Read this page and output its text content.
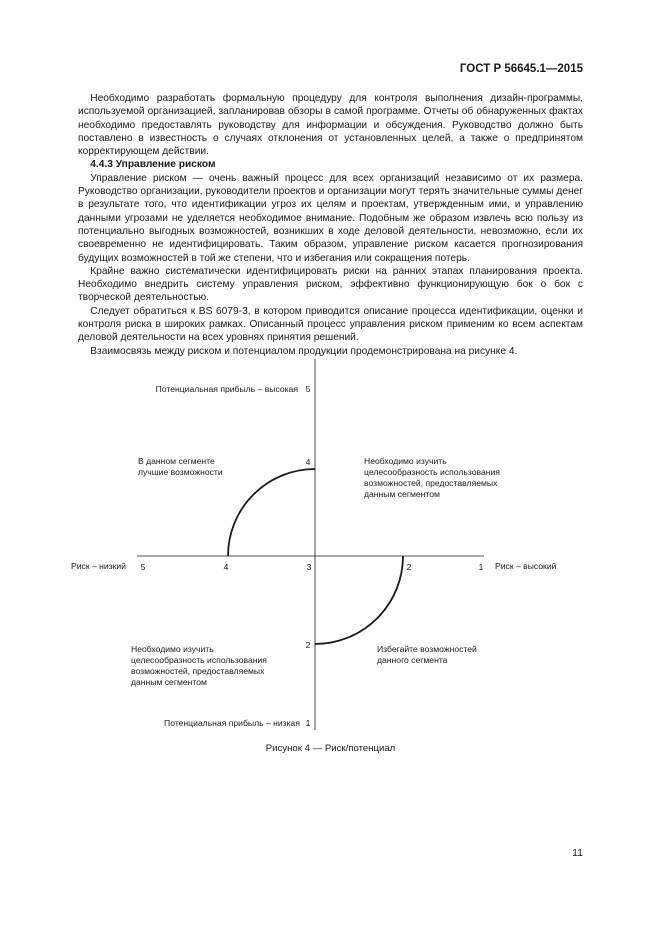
ГОСТ Р 56645.1—2015

Необходимо разработать формальную процедуру для контроля выполнения дизайн-программы, используемой организацией, запланировав обзоры в самой программе. Отчеты об обнаруженных фактах необходимо предоставлять руководству для информации и обсуждения. Руководство должно быть поставлено в известность о случаях отклонения от установленных целей, а также о предпринятом корректирующем действии.

4.4.3 Управление риском

Управление риском — очень важный процесс для всех организаций независимо от их размера. Руководство организации, руководители проектов и организации могут терять значительные суммы денег в результате того, что идентификации угроз их целям и проектам, утвержденным ими, и управлению данными угрозами не уделяется необходимое внимание. Подобным же образом извлечь всю пользу из потенциально выгодных возможностей, возникших в ходе деловой деятельности, невозможно, если их своевременно не идентифицировать. Таким образом, управление риском касается прогнозирования будущих возможностей в той же степени, что и избегания или сокращения потерь.

Крайне важно систематически идентифицировать риски на ранних этапах планирования проекта. Необходимо внедрить систему управления риском, эффективно функционирующую бок о бок с творческой деятельностью.

Следует обратиться к BS 6079-3, в котором приводится описание процесса идентификации, оценки и контроля риска в широких рамках. Описанный процесс управления риском применим ко всем аспектам деловой деятельности на всех уровнях принятия решений.

Взаимосвязь между риском и потенциалом продукции продемонстрирована на рисунке 4.

Потенциальная прибыль – высокая
Потенциальная прибыль – низкая
Риск – низкий	Риск – высокий
5	4	3	2	1
5
4
2
1
В данном сегменте лучшие возможности
Необходимо изучить целесообразность использования возможностей, предоставляемых данным сегментом
Необходимо изучить целесообразность использования возможностей, предоставляемых данным сегментом
Избегайте возможностей данного сегмента
Рисунок 4 — Риск/потенциал
11
